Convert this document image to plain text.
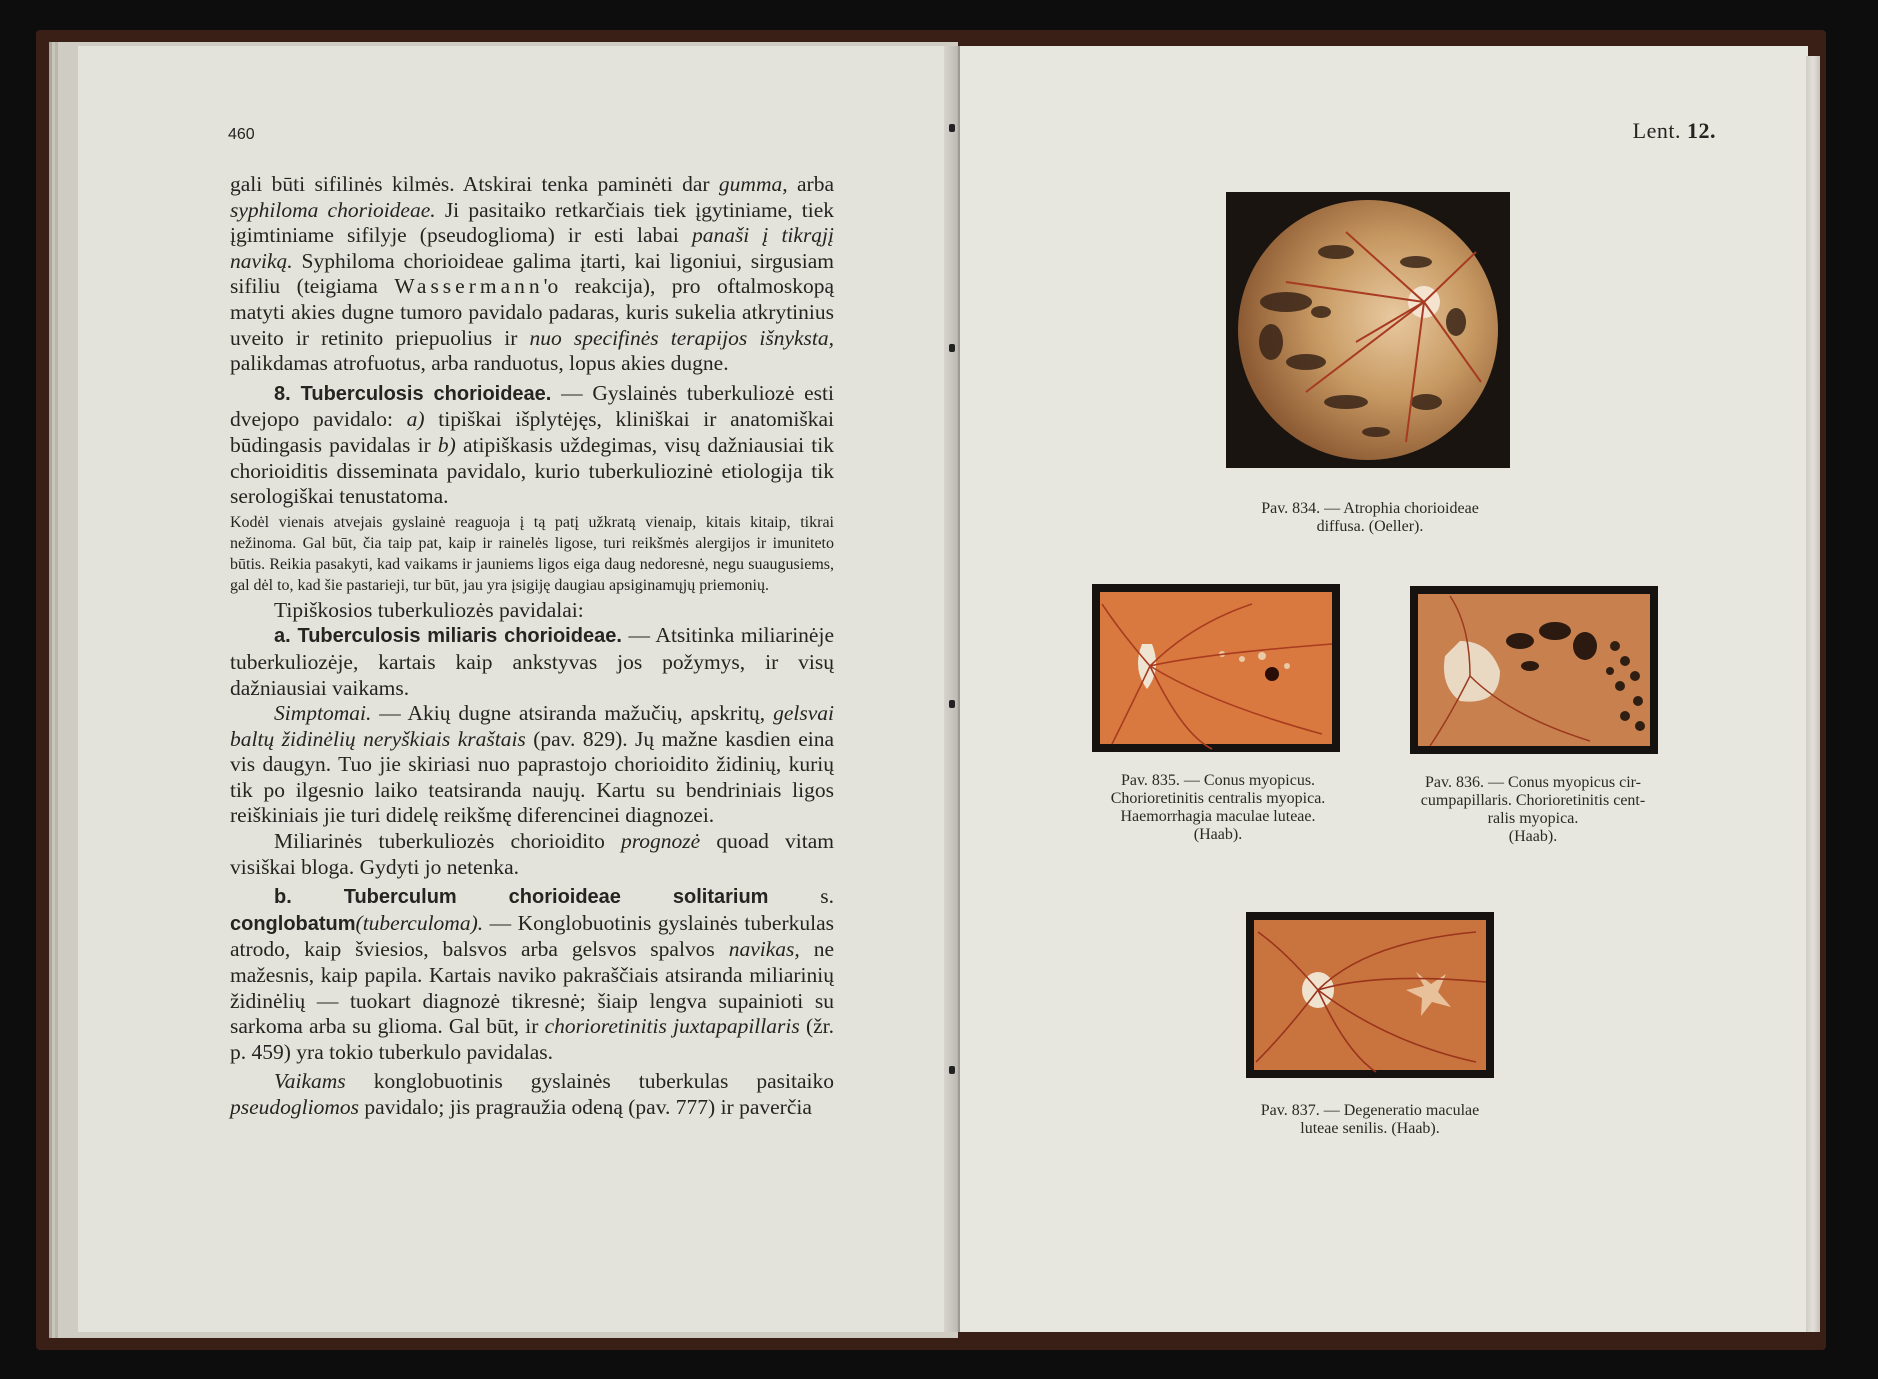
460

gali būti sifilinės kilmės. Atskirai tenka paminėti dar gumma, arba syphiloma chorioideae. Ji pasitaiko retkarčiais tiek įgytiniame, tiek įgimtiniame sifilyje (pseudoglioma) ir esti labai panaši į tikrąjį naviką. Syphiloma chorioideae galima įtarti, kai ligoniui, sirgusiam sifiliu (teigiama Wassermann'o reakcija), pro oftalmoskopą matyti akies dugne tumoro pavidalo padaras, kuris sukelia atkrytinius uveito ir retinito priepuolius ir nuo specifinės terapijos išnyksta, palikdamas atrofuotus, arba randuotus, lopus akies dugne.

8. Tuberculosis chorioideae. — Gyslainės tuberkuliozė esti dvejopo pavidalo: a) tipiškai išplytėjęs, kliniškai ir anatomiškai būdingasis pavidalas ir b) atipiškasis uždegimas, visų dažniausiai tik chorioiditis disseminata pavidalo, kurio tuberkuliozinė etiologija tik serologiškai tenustatoma.

Kodėl vienais atvejais gyslainė reaguoja į tą patį užkratą vienaip, kitais kitaip, tikrai nežinoma. Gal būt, čia taip pat, kaip ir rainelės ligose, turi reikšmės alergijos ir imuniteto būtis. Reikia pasakyti, kad vaikams ir jauniems ligos eiga daug nedoresnė, negu suaugusiems, gal dėl to, kad šie pastarieji, tur būt, jau yra įsigiję daugiau apsiginamųjų priemonių.

Tipiškosios tuberkuliozės pavidalai:

a. Tuberculosis miliaris chorioideae. — Atsitinka miliarinėje tuberkuliozėje, kartais kaip ankstyvas jos požymys, ir visų dažniausiai vaikams.

Simptomai. — Akių dugne atsiranda mažučių, apskritų, gelsvai baltų židinėlių neryškiais kraštais (pav. 829). Jų mažne kasdien eina vis daugyn. Tuo jie skiriasi nuo paprastojo chorioidito židinių, kurių tik po ilgesnio laiko teatsiranda naujų. Kartu su bendriniais ligos reiškiniais jie turi didelę reikšmę diferencinei diagnozei.

Miliarinės tuberkuliozės chorioidito prognozė quoad vitam visiškai bloga. Gydyti jo netenka.

b. Tuberculum chorioideae solitarium s. conglobatum(tuberculoma). — Konglobuotinis gyslainės tuberkulas atrodo, kaip šviesios, balsvos arba gelsvos spalvos navikas, ne mažesnis, kaip papila. Kartais naviko pakraščiais atsiranda miliarinių židinėlių — tuokart diagnozė tikresnė; šiaip lengva supainioti su sarkoma arba su glioma. Gal būt, ir chorioretinitis juxtapapillaris (žr. p. 459) yra tokio tuberkulo pavidalas.

Vaikams konglobuotinis gyslainės tuberkulas pasitaiko pseudogliomos pavidalo; jis pragraužia odeną (pav. 777) ir paverčia

Lent. 12.
Pav. 834. — Atrophia chorioideae
diffusa. (Oeller).
Pav. 835. — Conus myopicus.
Chorioretinitis centralis myopica.
Haemorrhagia maculae luteae.
(Haab).
Pav. 836. — Conus myopicus cir-
cumpapillaris. Chorioretinitis cent-
ralis myopica.
(Haab).
Pav. 837. — Degeneratio maculae
luteae senilis. (Haab).
